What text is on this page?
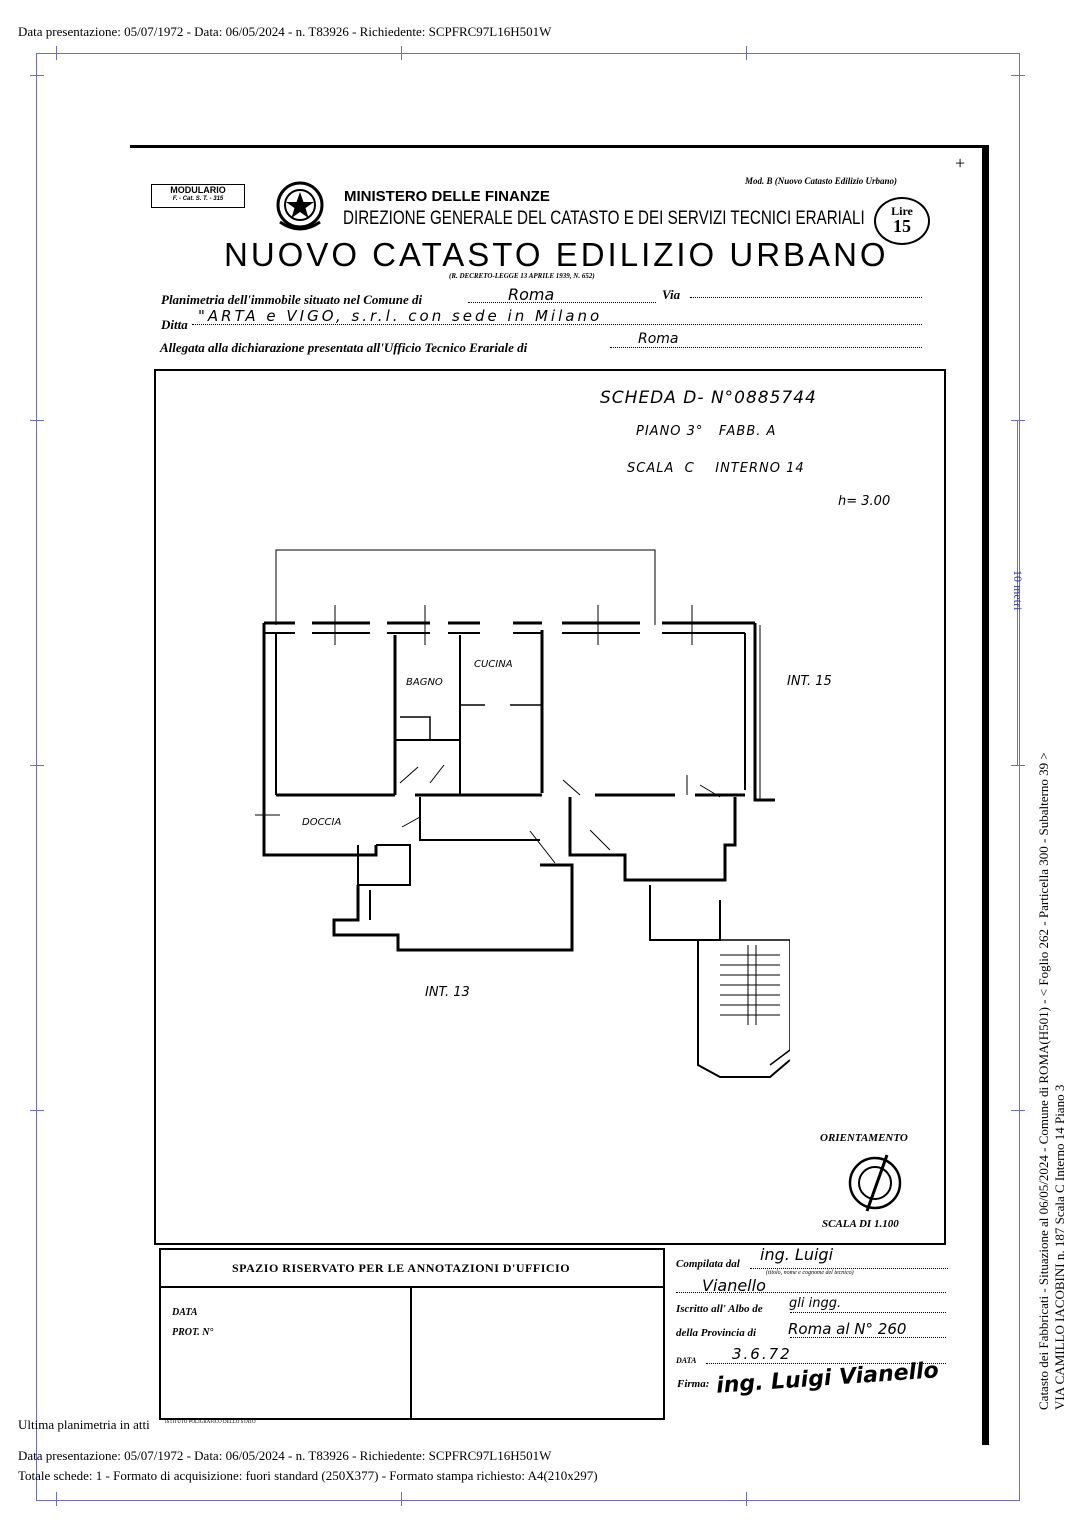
Data presentazione: 05/07/1972 - Data: 06/05/2024 - n. T83926 - Richiedente: SCPFRC97L16H501W
10 metri
Catasto dei Fabbricati - Situazione al 06/05/2024 - Comune di ROMA(H501) - < Foglio 262 - Particella 300 - Subalterno 39 > VIA CAMILLO IACOBINI n. 187 Scala C Interno 14 Piano 3
+
MODULARIO
F. - Cat. S. T. - 315
Mod. B (Nuovo Catasto Edilizio Urbano)
MINISTERO DELLE FINANZE
DIREZIONE GENERALE DEL CATASTO E DEI SERVIZI TECNICI ERARIALI	Lire
15
NUOVO CATASTO EDILIZIO URBANO
(R. DECRETO-LEGGE 13 APRILE 1939, N. 652)
Planimetria dell'immobile situato nel Comune di	Roma	Via
Ditta "ARTA e VIGO, s.r.l. con sede in Milano
Allegata alla dichiarazione presentata all'Ufficio Tecnico Erariale di
Roma
SCHEDA D- N°0885744
PIANO 3°   FABB. A
SCALA  C    INTERNO 14
h= 3.00
BAGNO
CUCINA
DOCCIA
INT. 15
INT. 13
ORIENTAMENTO
SCALA DI 1.100
SPAZIO RISERVATO PER LE ANNOTAZIONI D'UFFICIO
DATA
PROT. N°
Compilata dal ing. Luigi
(titolo, nome e cognome del tecnico)
Vianello
Iscritto all' Albo de gli ingg.
della Provincia di Roma al N° 260
DATA 3.6.72
Firma: ing. Luigi Vianello
ISTITUTO POLIGRAFICO DELLO STATO
Ultima planimetria in atti
Data presentazione: 05/07/1972 - Data: 06/05/2024 - n. T83926 - Richiedente: SCPFRC97L16H501W
Totale schede: 1 - Formato di acquisizione: fuori standard (250X377) - Formato stampa richiesto: A4(210x297)
